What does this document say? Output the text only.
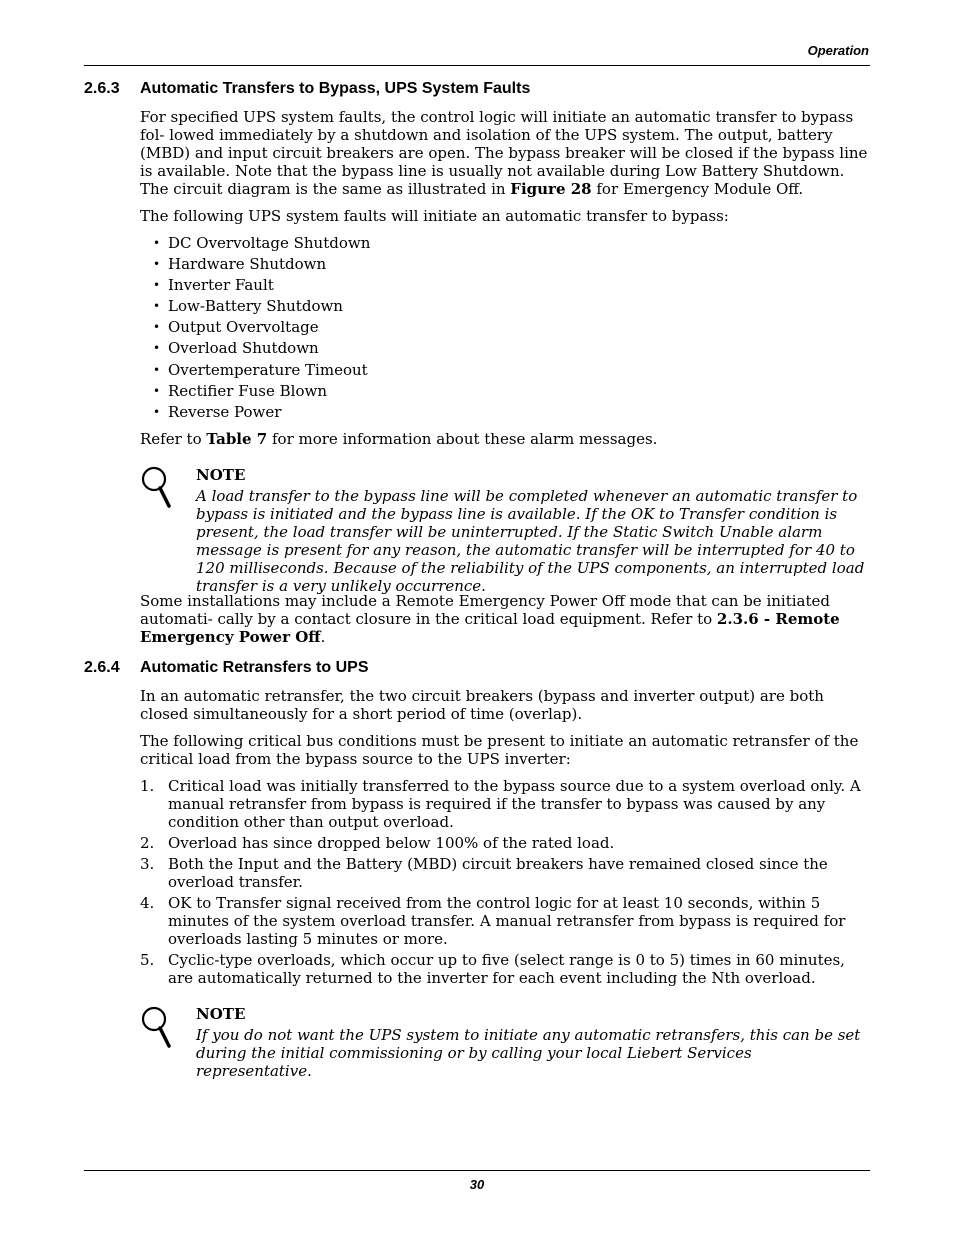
Operation
2.6.3 Automatic Transfers to Bypass, UPS System Faults
For specified UPS system faults, the control logic will initiate an automatic transfer to bypass fol- lowed immediately by a shutdown and isolation of the UPS system. The output, battery (MBD) and input circuit breakers are open. The bypass breaker will be closed if the bypass line is available. Note that the bypass line is usually not available during Low Battery Shutdown. The circuit diagram is the same as illustrated in Figure 28 for Emergency Module Off.
The following UPS system faults will initiate an automatic transfer to bypass:
• DC Overvoltage Shutdown
• Hardware Shutdown
• Inverter Fault
• Low-Battery Shutdown
• Output Overvoltage
• Overload Shutdown
• Overtemperature Timeout
• Rectifier Fuse Blown
• Reverse Power
Refer to Table 7 for more information about these alarm messages.
NOTE
A load transfer to the bypass line will be completed whenever an automatic transfer to bypass is initiated and the bypass line is available. If the OK to Transfer condition is present, the load transfer will be uninterrupted. If the Static Switch Unable alarm message is present for any reason, the automatic transfer will be interrupted for 40 to 120 milliseconds. Because of the reliability of the UPS components, an interrupted load transfer is a very unlikely occurrence.
Some installations may include a Remote Emergency Power Off mode that can be initiated automati- cally by a contact closure in the critical load equipment. Refer to 2.3.6 - Remote Emergency Power Off.
2.6.4 Automatic Retransfers to UPS
In an automatic retransfer, the two circuit breakers (bypass and inverter output) are both closed simultaneously for a short period of time (overlap).
The following critical bus conditions must be present to initiate an automatic retransfer of the critical load from the bypass source to the UPS inverter:
1. Critical load was initially transferred to the bypass source due to a system overload only. A manual retransfer from bypass is required if the transfer to bypass was caused by any condition other than output overload.
2. Overload has since dropped below 100% of the rated load.
3. Both the Input and the Battery (MBD) circuit breakers have remained closed since the overload transfer.
4. OK to Transfer signal received from the control logic for at least 10 seconds, within 5 minutes of the system overload transfer. A manual retransfer from bypass is required for overloads lasting 5 minutes or more.
5. Cyclic-type overloads, which occur up to five (select range is 0 to 5) times in 60 minutes, are automatically returned to the inverter for each event including the Nth overload.
NOTE
If you do not want the UPS system to initiate any automatic retransfers, this can be set during the initial commissioning or by calling your local Liebert Services representative.
30
